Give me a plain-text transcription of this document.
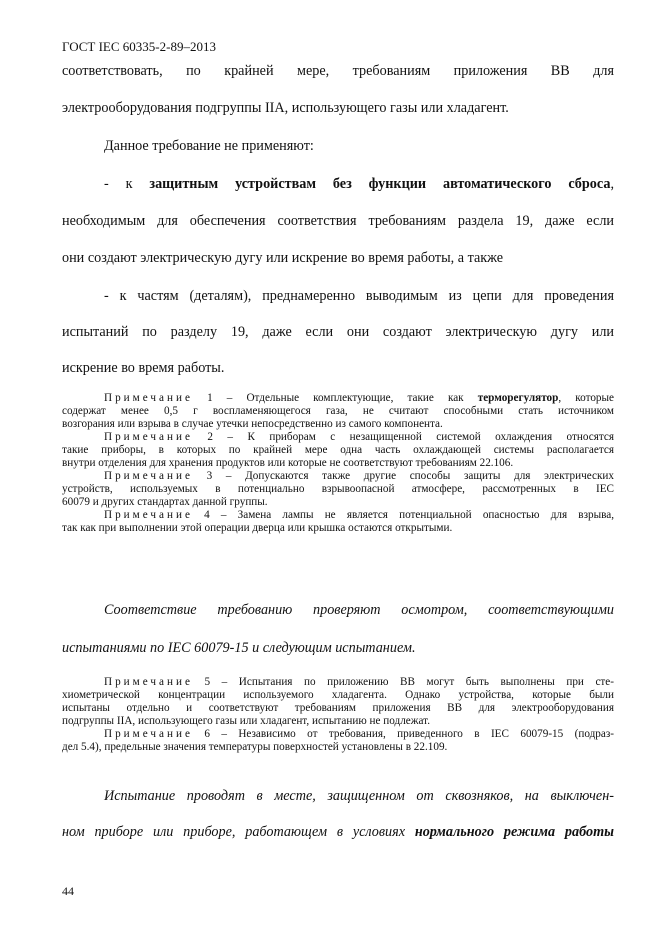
ГОСТ IEC 60335-2-89–2013
соответствовать, по крайней мере, требованиям приложения ВВ для
электрооборудования подгруппы IIA, использующего газы или хладагент.
Данное требование не применяют:
- к защитным устройствам без функции автоматического сброса,
необходимым для обеспечения соответствия требованиям раздела 19, даже если
они создают электрическую дугу или искрение во время работы, а также
- к частям (деталям), преднамеренно выводимым из цепи для проведения
испытаний по разделу 19, даже если они создают электрическую дугу или
искрение во время работы.
Примечание 1 – Отдельные комплектующие, такие как терморегулятор, которые
содержат менее 0,5 г воспламеняющегося газа, не считают способными стать источником
возгорания или взрыва в случае утечки непосредственно из самого компонента.
Примечание 2 – К приборам с незащищенной системой охлаждения относятся
такие приборы, в которых по крайней мере одна часть охлаждающей системы располагается
внутри отделения для хранения продуктов или которые не соответствуют требованиям 22.106.
Примечание 3 – Допускаются также другие способы защиты для электрических
устройств, используемых в потенциально взрывоопасной атмосфере, рассмотренных в IEC
60079 и других стандартах данной группы.
Примечание 4 – Замена лампы не является потенциальной опасностью для взрыва,
так как при выполнении этой операции дверца или крышка остаются открытыми.
Соответствие требованию проверяют осмотром, соответствующими
испытаниями по IEC 60079-15 и следующим испытанием.
Примечание 5 – Испытания по приложению ВВ могут быть выполнены при сте-
хиометрической концентрации используемого хладагента. Однако устройства, которые были
испытаны отдельно и соответствуют требованиям приложения ВВ для электрооборудования
подгруппы IIA, использующего газы или хладагент, испытанию не подлежат.
Примечание 6 – Независимо от требования, приведенного в IEC 60079-15 (подраз-
дел 5.4), предельные значения температуры поверхностей установлены в 22.109.
Испытание проводят в месте, защищенном от сквозняков, на выключен-
ном приборе или приборе, работающем в условиях нормального режима работы
44
